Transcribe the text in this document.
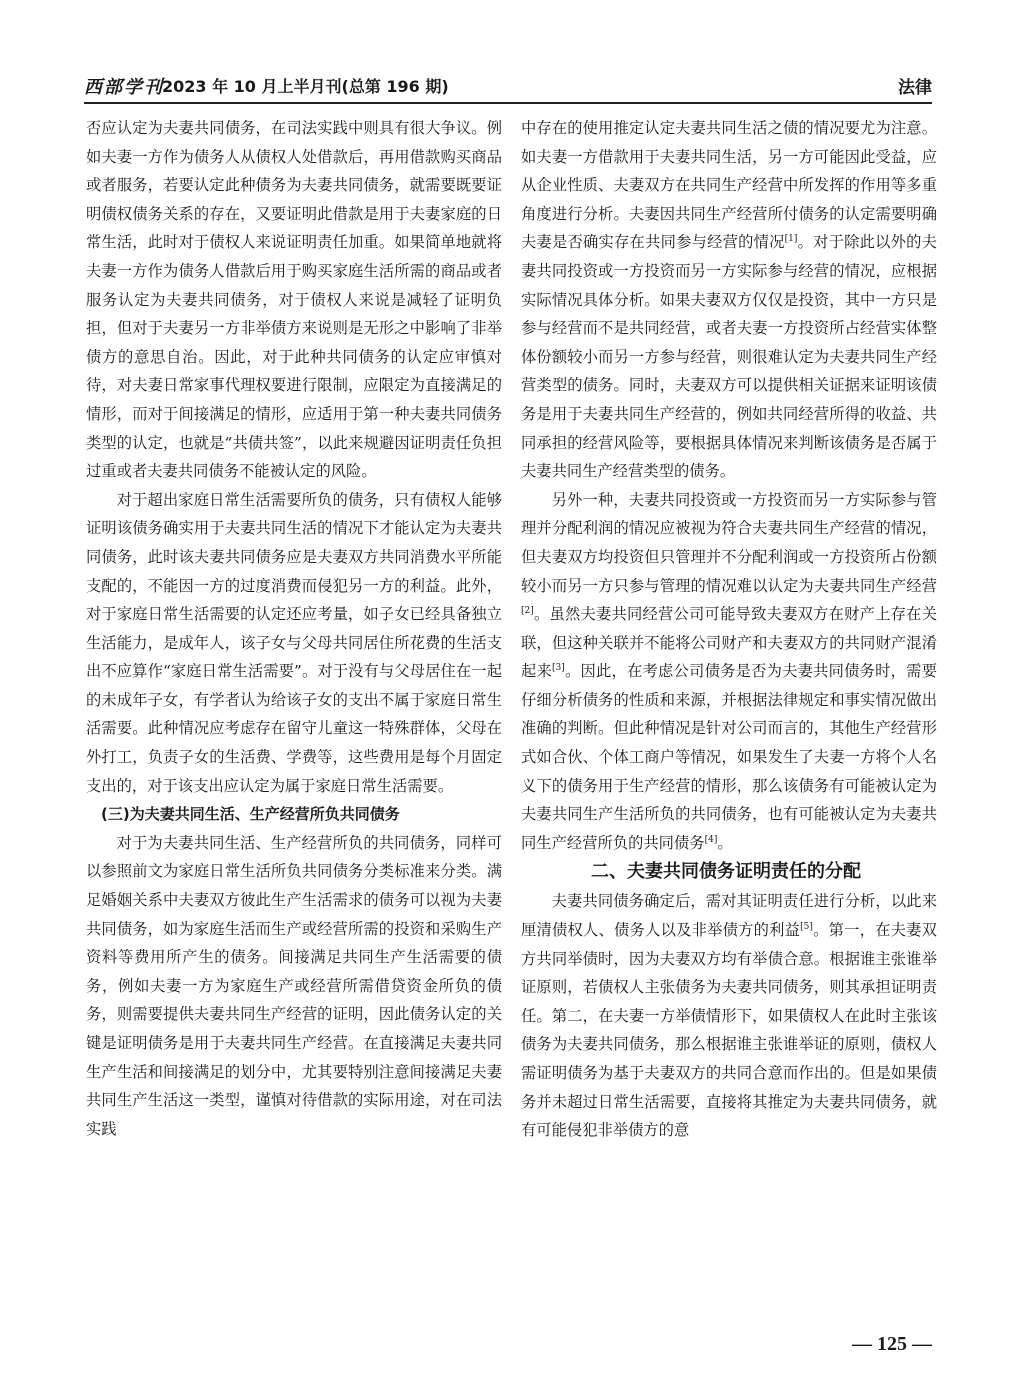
西部学刊
2023 年 10 月上半月刊(总第 196 期)	法律

否应认定为夫妻共同债务，在司法实践中则具有很大争议。例如夫妻一方作为债务人从债权人处借款后，再用借款购买商品或者服务，若要认定此种债务为夫妻共同债务，就需要既要证明债权债务关系的存在，又要证明此借款是用于夫妻家庭的日常生活，此时对于债权人来说证明责任加重。如果简单地就将夫妻一方作为债务人借款后用于购买家庭生活所需的商品或者服务认定为夫妻共同债务，对于债权人来说是减轻了证明负担，但对于夫妻另一方非举债方来说则是无形之中影响了非举债方的意思自治。因此，对于此种共同债务的认定应审慎对待，对夫妻日常家事代理权要进行限制，应限定为直接满足的情形，而对于间接满足的情形，应适用于第一种夫妻共同债务类型的认定，也就是“共债共签”，以此来规避因证明责任负担过重或者夫妻共同债务不能被认定的风险。

对于超出家庭日常生活需要所负的债务，只有债权人能够证明该债务确实用于夫妻共同生活的情况下才能认定为夫妻共同债务，此时该夫妻共同债务应是夫妻双方共同消费水平所能支配的，不能因一方的过度消费而侵犯另一方的利益。此外，对于家庭日常生活需要的认定还应考量，如子女已经具备独立生活能力，是成年人，该子女与父母共同居住所花费的生活支出不应算作“家庭日常生活需要”。对于没有与父母居住在一起的未成年子女，有学者认为给该子女的支出不属于家庭日常生活需要。此种情况应考虑存在留守儿童这一特殊群体，父母在外打工，负责子女的生活费、学费等，这些费用是每个月固定支出的，对于该支出应认定为属于家庭日常生活需要。

(三)为夫妻共同生活、生产经营所负共同债务

对于为夫妻共同生活、生产经营所负的共同债务，同样可以参照前文为家庭日常生活所负共同债务分类标准来分类。满足婚姻关系中夫妻双方彼此生产生活需求的债务可以视为夫妻共同债务，如为家庭生活而生产或经营所需的投资和采购生产资料等费用所产生的债务。间接满足共同生产生活需要的债务，例如夫妻一方为家庭生产或经营所需借贷资金所负的债务，则需要提供夫妻共同生产经营的证明，因此债务认定的关键是证明债务是用于夫妻共同生产经营。在直接满足夫妻共同生产生活和间接满足的划分中，尤其要特别注意间接满足夫妻共同生产生活这一类型，谨慎对待借款的实际用途，对在司法实践

中存在的使用推定认定夫妻共同生活之债的情况要尤为注意。如夫妻一方借款用于夫妻共同生活，另一方可能因此受益，应从企业性质、夫妻双方在共同生产经营中所发挥的作用等多重角度进行分析。夫妻因共同生产经营所付债务的认定需要明确夫妻是否确实存在共同参与经营的情况[1]。对于除此以外的夫妻共同投资或一方投资而另一方实际参与经营的情况，应根据实际情况具体分析。如果夫妻双方仅仅是投资，其中一方只是参与经营而不是共同经营，或者夫妻一方投资所占经营实体整体份额较小而另一方参与经营，则很难认定为夫妻共同生产经营类型的债务。同时，夫妻双方可以提供相关证据来证明该债务是用于夫妻共同生产经营的，例如共同经营所得的收益、共同承担的经营风险等，要根据具体情况来判断该债务是否属于夫妻共同生产经营类型的债务。

另外一种，夫妻共同投资或一方投资而另一方实际参与管理并分配利润的情况应被视为符合夫妻共同生产经营的情况，但夫妻双方均投资但只管理并不分配利润或一方投资所占份额较小而另一方只参与管理的情况难以认定为夫妻共同生产经营[2]。虽然夫妻共同经营公司可能导致夫妻双方在财产上存在关联，但这种关联并不能将公司财产和夫妻双方的共同财产混淆起来[3]。因此，在考虑公司债务是否为夫妻共同债务时，需要仔细分析债务的性质和来源，并根据法律规定和事实情况做出准确的判断。但此种情况是针对公司而言的，其他生产经营形式如合伙、个体工商户等情况，如果发生了夫妻一方将个人名义下的债务用于生产经营的情形，那么该债务有可能被认定为夫妻共同生产生活所负的共同债务，也有可能被认定为夫妻共同生产经营所负的共同债务[4]。

二、夫妻共同债务证明责任的分配

夫妻共同债务确定后，需对其证明责任进行分析，以此来厘清债权人、债务人以及非举债方的利益[5]。第一，在夫妻双方共同举债时，因为夫妻双方均有举债合意。根据谁主张谁举证原则，若债权人主张债务为夫妻共同债务，则其承担证明责任。第二，在夫妻一方举债情形下，如果债权人在此时主张该债务为夫妻共同债务，那么根据谁主张谁举证的原则，债权人需证明债务为基于夫妻双方的共同合意而作出的。但是如果债务并未超过日常生活需要，直接将其推定为夫妻共同债务，就有可能侵犯非举债方的意

— 125 —
